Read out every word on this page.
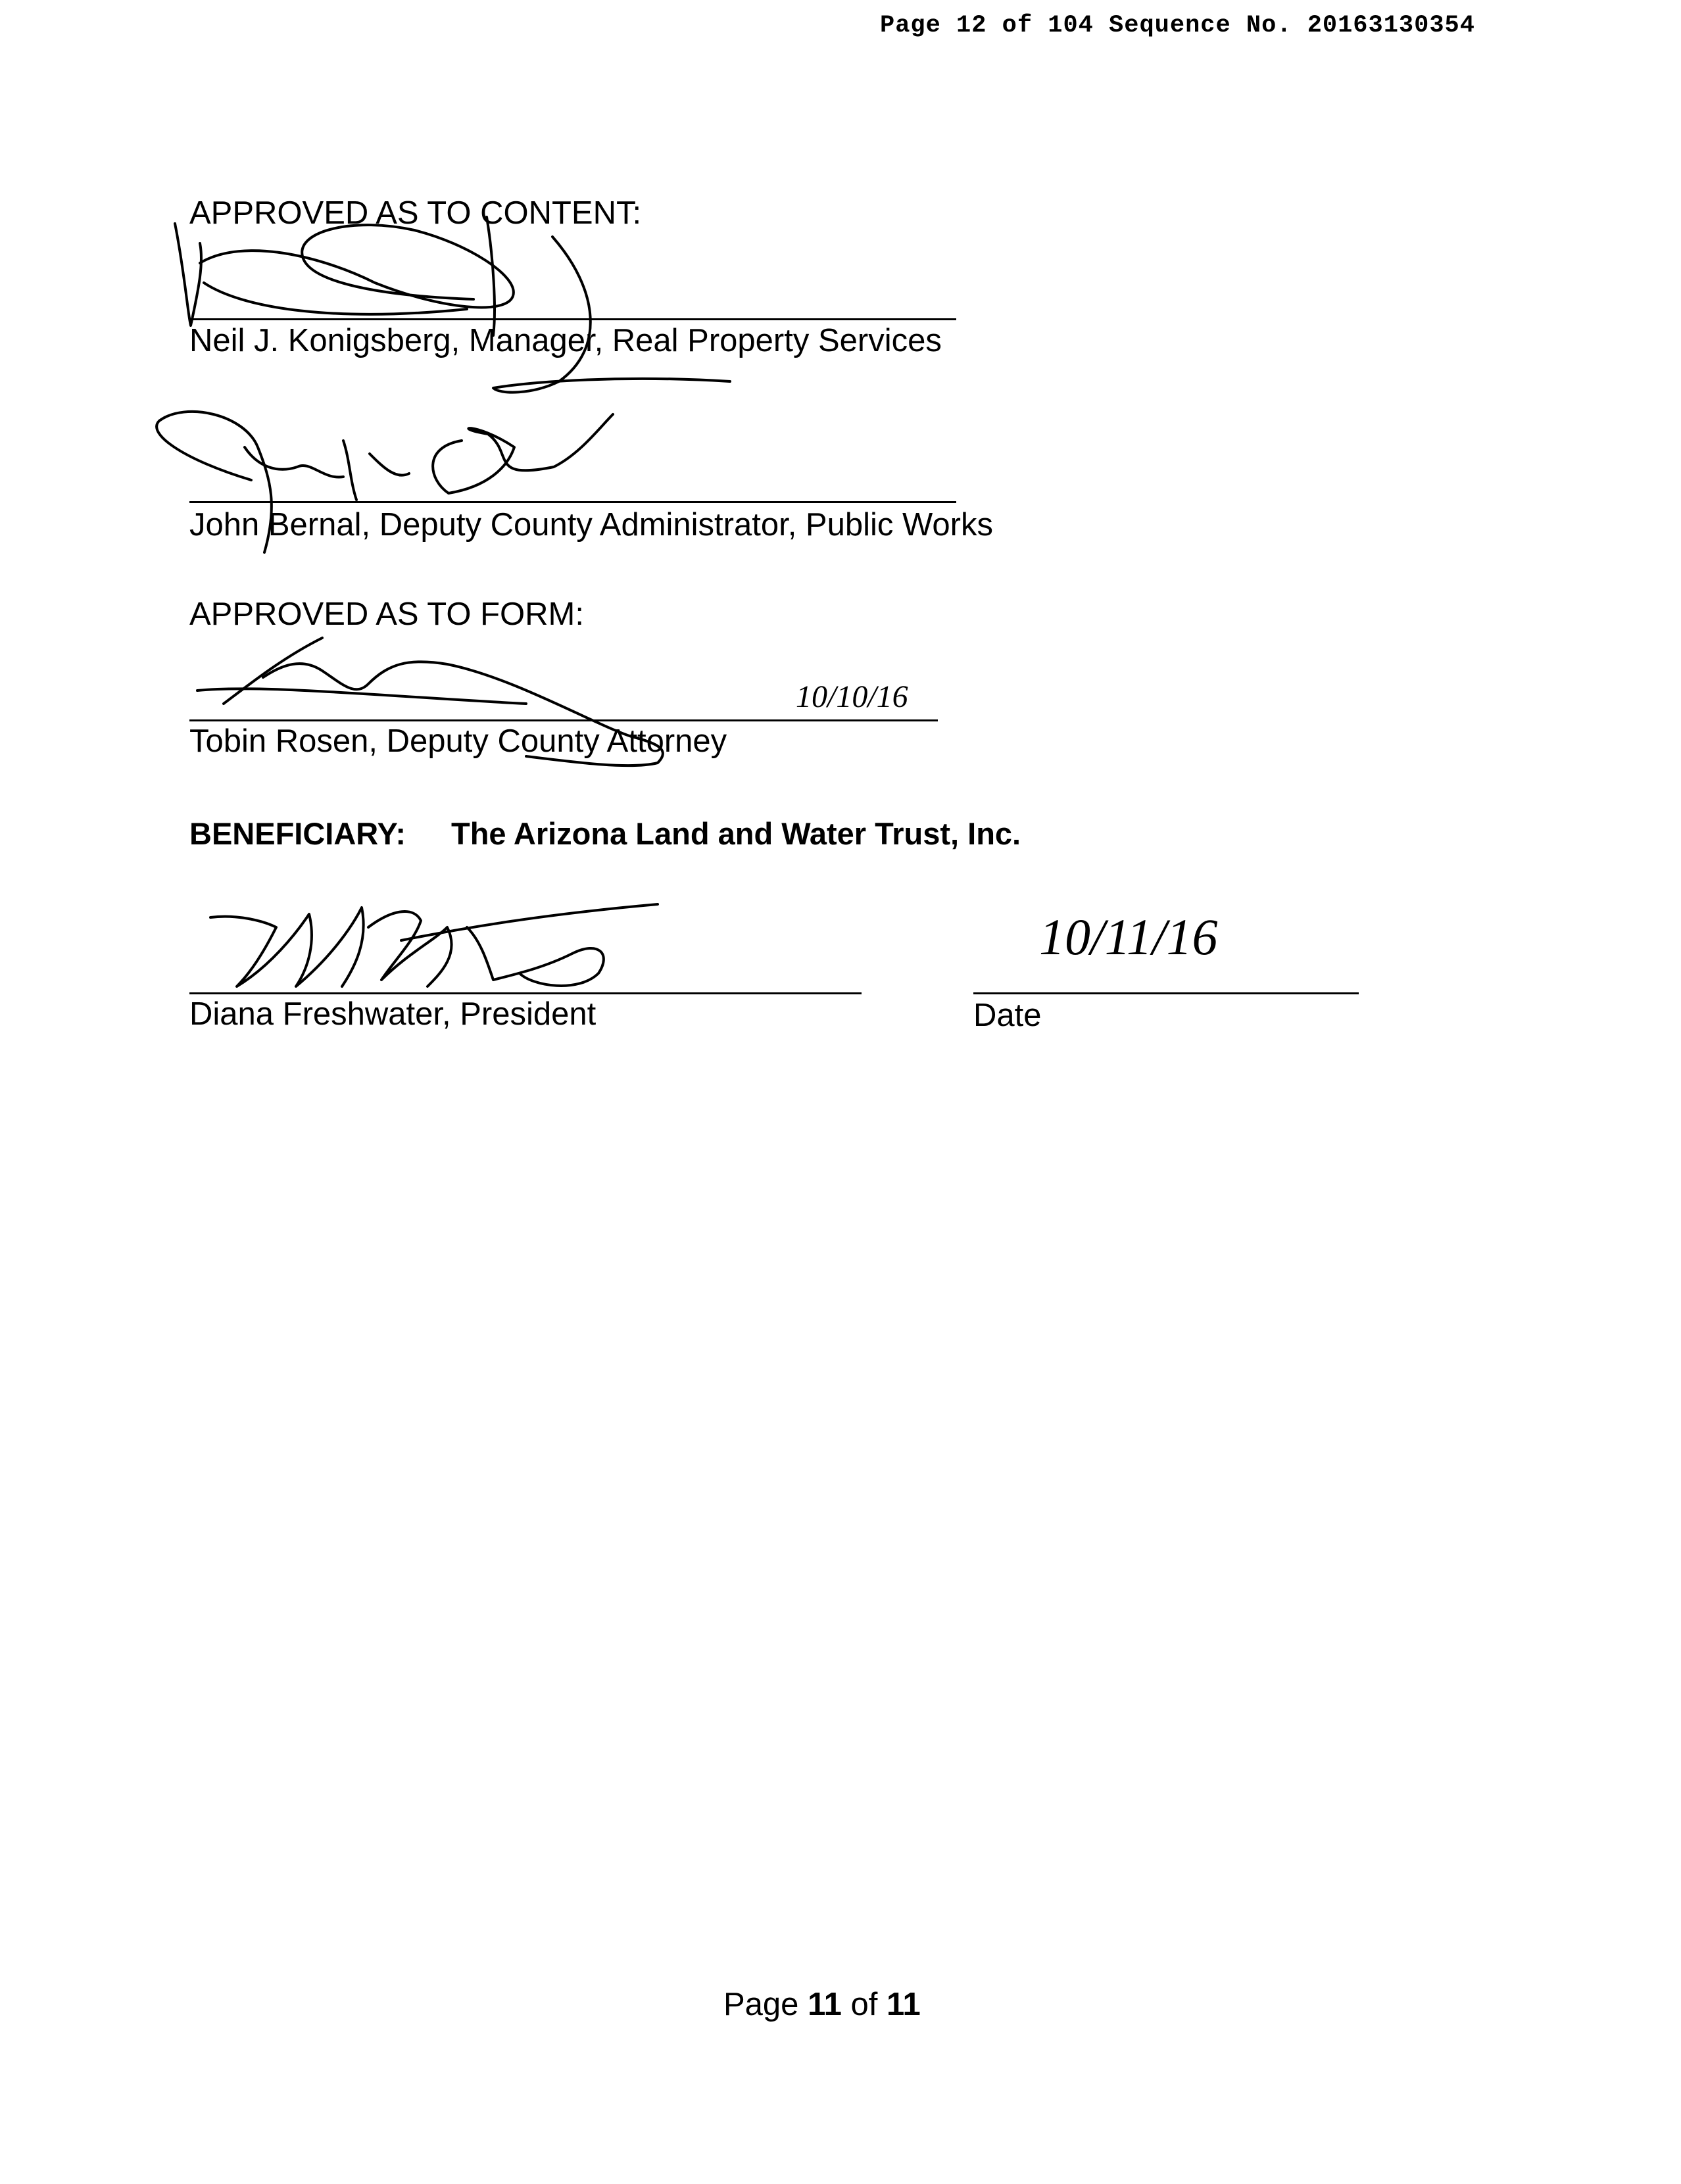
Page 12 of 104 Sequence No. 20163130354
APPROVED AS TO CONTENT:
Neil J. Konigsberg, Manager, Real Property Services
John Bernal, Deputy County Administrator, Public Works
APPROVED AS TO FORM:
10/10/16
Tobin Rosen, Deputy County Attorney
BENEFICIARY: The Arizona Land and Water Trust, Inc.
Diana Freshwater, President
10/11/16
Date
Page 11 of 11
